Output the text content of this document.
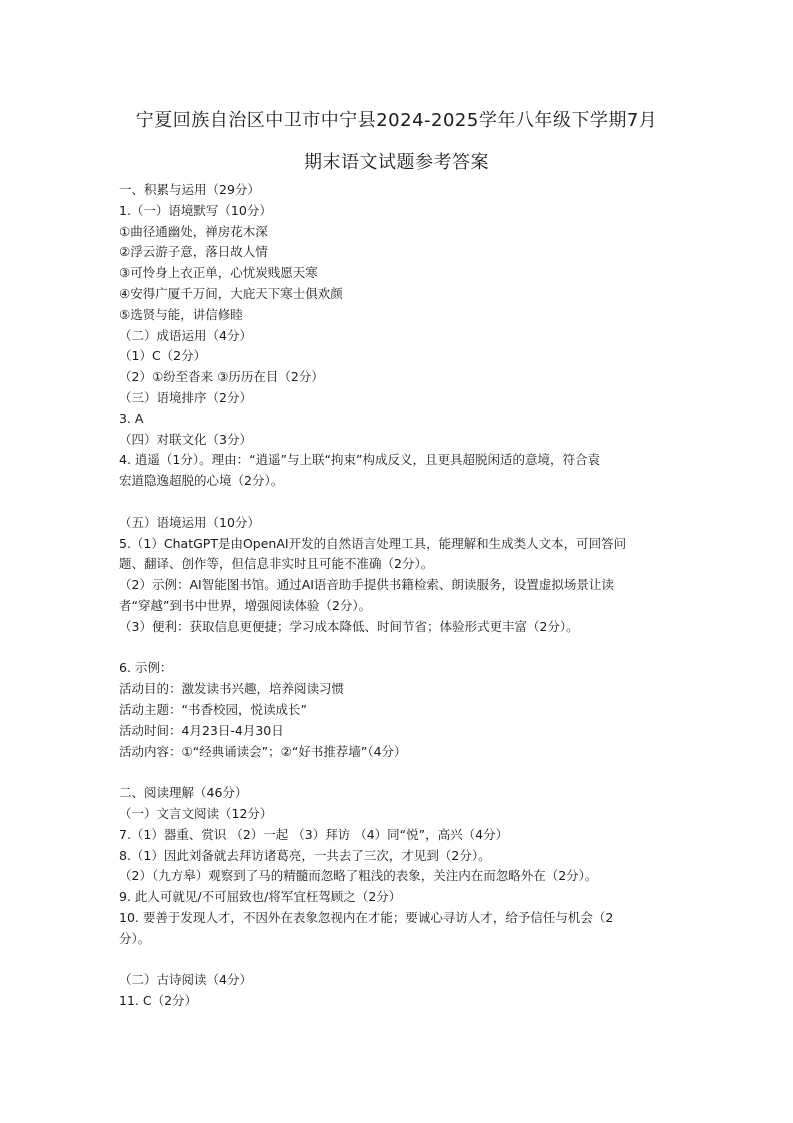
宁夏回族自治区中卫市中宁县2024-2025学年八年级下学期7月
期末语文试题参考答案
一、积累与运用（29分）
1.（一）语境默写（10分）
①曲径通幽处，禅房花木深
②浮云游子意，落日故人情
③可怜身上衣正单，心忧炭贱愿天寒
④安得广厦千万间，大庇天下寒士俱欢颜
⑤选贤与能，讲信修睦
（二）成语运用（4分）
（1）C（2分）
（2）①纷至沓来 ③历历在目（2分）
（三）语境排序（2分）
3. A
（四）对联文化（3分）
4. 逍遥（1分）。理由：“逍遥”与上联“拘束”构成反义，且更具超脱闲适的意境，符合袁
宏道隐逸超脱的心境（2分）。
（五）语境运用（10分）
5.（1）ChatGPT是由OpenAI开发的自然语言处理工具，能理解和生成类人文本，可回答问
题、翻译、创作等，但信息非实时且可能不准确（2分）。
（2）示例：AI智能图书馆。通过AI语音助手提供书籍检索、朗读服务，设置虚拟场景让读
者“穿越”到书中世界，增强阅读体验（2分）。
（3）便利：获取信息更便捷；学习成本降低、时间节省；体验形式更丰富（2分）。
6. 示例：
活动目的：激发读书兴趣，培养阅读习惯
活动主题：“书香校园，悦读成长”
活动时间：4月23日-4月30日
活动内容：①“经典诵读会”；②“好书推荐墙”（4分）
二、阅读理解（46分）
（一）文言文阅读（12分）
7.（1）器重、赏识 （2）一起 （3）拜访 （4）同“悦”，高兴（4分）
8.（1）因此刘备就去拜访诸葛亮，一共去了三次，才见到（2分）。
（2）（九方皋）观察到了马的精髓而忽略了粗浅的表象，关注内在而忽略外在（2分）。
9. 此人可就见/不可屈致也/将军宜枉驾顾之（2分）
10. 要善于发现人才，不因外在表象忽视内在才能；要诚心寻访人才，给予信任与机会（2
分）。
（二）古诗阅读（4分）
11. C（2分）
